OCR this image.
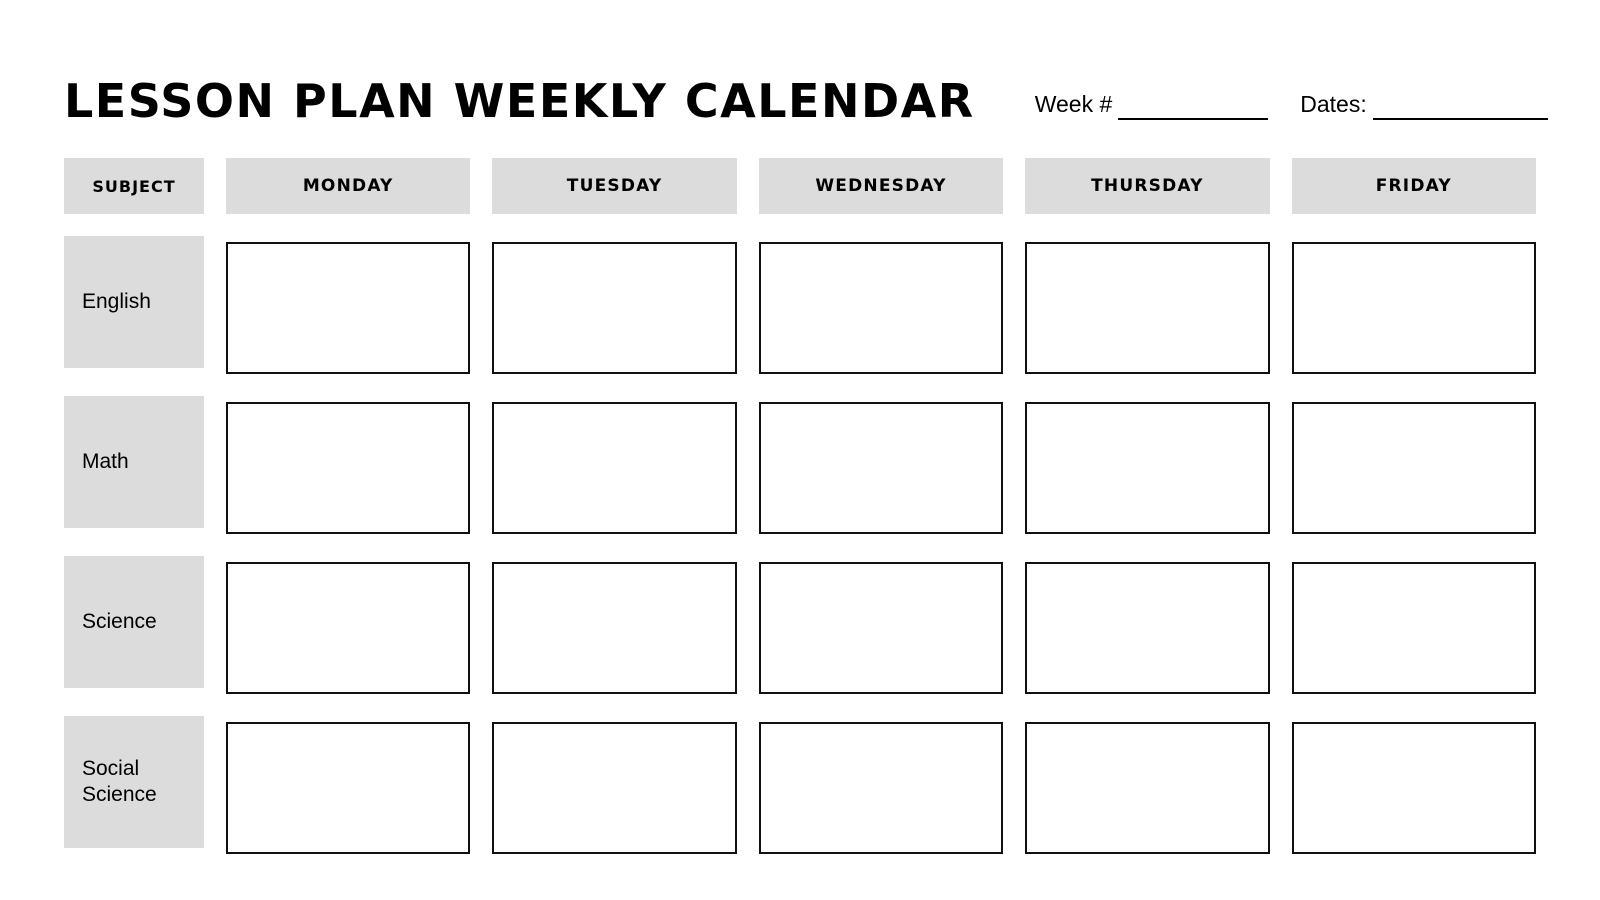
LESSON PLAN WEEKLY CALENDAR	Week #	Dates:
SUBJECT	MONDAY	TUESDAY	WEDNESDAY	THURSDAY	FRIDAY
English
Math
Science
Social Science
